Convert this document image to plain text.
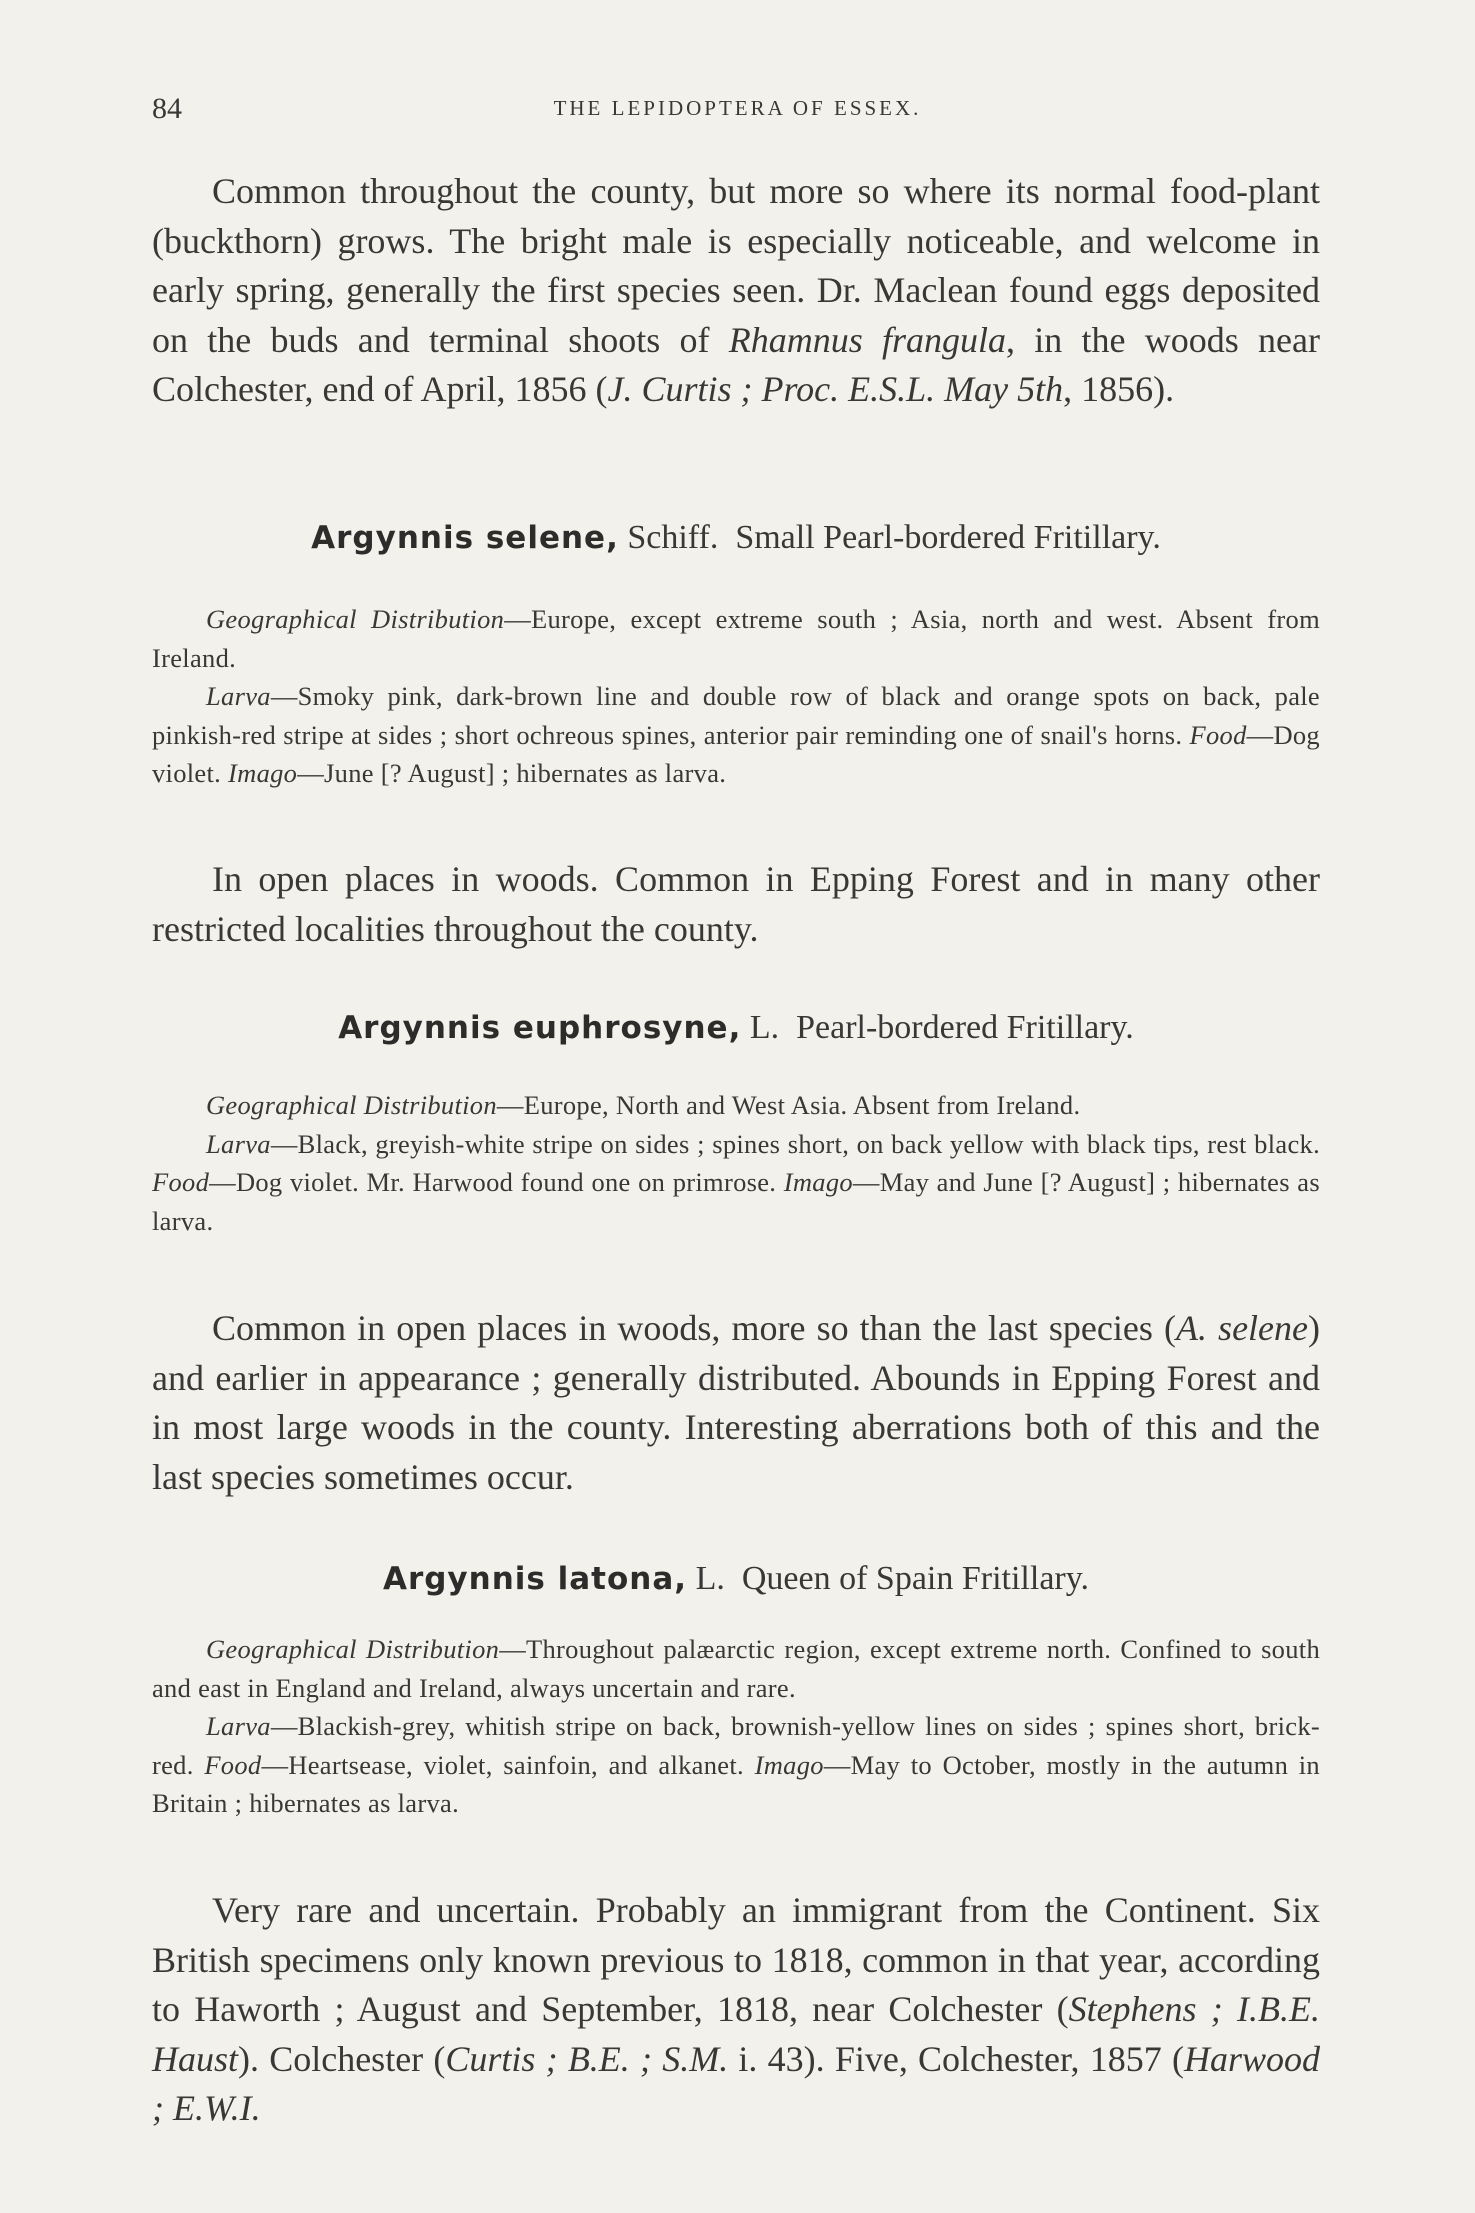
84	THE LEPIDOPTERA OF ESSEX.

Common throughout the county, but more so where its normal food-plant (buckthorn) grows. The bright male is especially noticeable, and welcome in early spring, generally the first species seen. Dr. Maclean found eggs deposited on the buds and terminal shoots of Rhamnus frangula, in the woods near Colchester, end of April, 1856 (J. Curtis ; Proc. E.S.L. May 5th, 1856).

Argynnis selene, Schiff. Small Pearl-bordered Fritillary.

Geographical Distribution—Europe, except extreme south ; Asia, north and west. Absent from Ireland.

Larva—Smoky pink, dark-brown line and double row of black and orange spots on back, pale pinkish-red stripe at sides ; short ochreous spines, anterior pair reminding one of snail's horns. Food—Dog violet. Imago—June [? August] ; hibernates as larva.

In open places in woods. Common in Epping Forest and in many other restricted localities throughout the county.

Argynnis euphrosyne, L. Pearl-bordered Fritillary.

Geographical Distribution—Europe, North and West Asia. Absent from Ireland.

Larva—Black, greyish-white stripe on sides ; spines short, on back yellow with black tips, rest black. Food—Dog violet. Mr. Harwood found one on primrose. Imago—May and June [? August] ; hibernates as larva.

Common in open places in woods, more so than the last species (A. selene) and earlier in appearance ; generally distributed. Abounds in Epping Forest and in most large woods in the county. Interesting aberrations both of this and the last species sometimes occur.

Argynnis latona, L. Queen of Spain Fritillary.

Geographical Distribution—Throughout palæarctic region, except extreme north. Confined to south and east in England and Ireland, always uncertain and rare.

Larva—Blackish-grey, whitish stripe on back, brownish-yellow lines on sides ; spines short, brick-red. Food—Heartsease, violet, sainfoin, and alkanet. Imago—May to October, mostly in the autumn in Britain ; hibernates as larva.

Very rare and uncertain. Probably an immigrant from the Continent. Six British specimens only known previous to 1818, common in that year, according to Haworth ; August and September, 1818, near Colchester (Stephens ; I.B.E. Haust). Colchester (Curtis ; B.E. ; S.M. i. 43). Five, Colchester, 1857 (Harwood ; E.W.I.
